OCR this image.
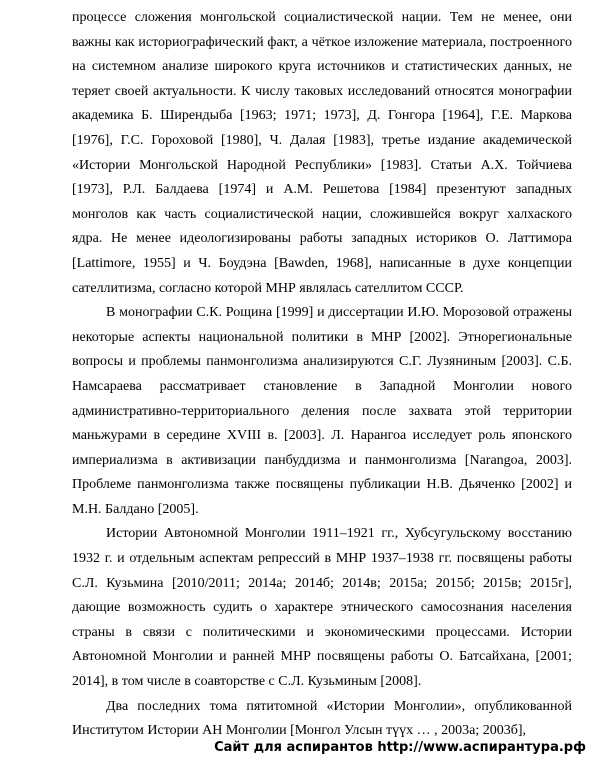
процессе сложения монгольской социалистической нации. Тем не менее, они важны как историографический факт, а чёткое изложение материала, построенного на системном анализе широкого круга источников и статистических данных, не теряет своей актуальности. К числу таковых исследований относятся монографии академика Б. Ширендыба [1963; 1971; 1973], Д. Гонгора [1964], Г.Е. Маркова [1976], Г.С. Гороховой [1980], Ч. Далая [1983], третье издание академической «Истории Монгольской Народной Республики» [1983]. Статьи А.Х. Тойчиева [1973], Р.Л. Балдаева [1974] и А.М. Решетова [1984] презентуют западных монголов как часть социалистической нации, сложившейся вокруг халхаского ядра. Не менее идеологизированы работы западных историков О. Латтимора [Lattimore, 1955] и Ч. Боудэна [Bawden, 1968], написанные в духе концепции сателлитизма, согласно которой МНР являлась сателлитом СССР.

В монографии С.К. Рощина [1999] и диссертации И.Ю. Морозовой отражены некоторые аспекты национальной политики в МНР [2002]. Этнорегиональные вопросы и проблемы панмонголизма анализируются С.Г. Лузяниным [2003]. С.Б. Намсараева рассматривает становление в Западной Монголии нового административно-территориального деления после захвата этой территории маньжурами в середине XVIII в. [2003]. Л. Нарангоа исследует роль японского империализма в активизации панбуддизма и панмонголизма [Narangoa, 2003]. Проблеме панмонголизма также посвящены публикации Н.В. Дьяченко [2002] и М.Н. Балдано [2005].

Истории Автономной Монголии 1911–1921 гг., Хубсугульскому восстанию 1932 г. и отдельным аспектам репрессий в МНР 1937–1938 гг. посвящены работы С.Л. Кузьмина [2010/2011; 2014а; 2014б; 2014в; 2015а; 2015б; 2015в; 2015г], дающие возможность судить о характере этнического самосознания населения страны в связи с политическими и экономическими процессами. Истории Автономной Монголии и ранней МНР посвящены работы О. Батсайхана, [2001; 2014], в том числе в соавторстве с С.Л. Кузьминым [2008].

Два последних тома пятитомной «Истории Монголии», опубликованной Институтом Истории АН Монголии [Монгол Улсын түүх … , 2003а; 2003б],

Сайт для аспирантов http://www.аспирантура.рф
